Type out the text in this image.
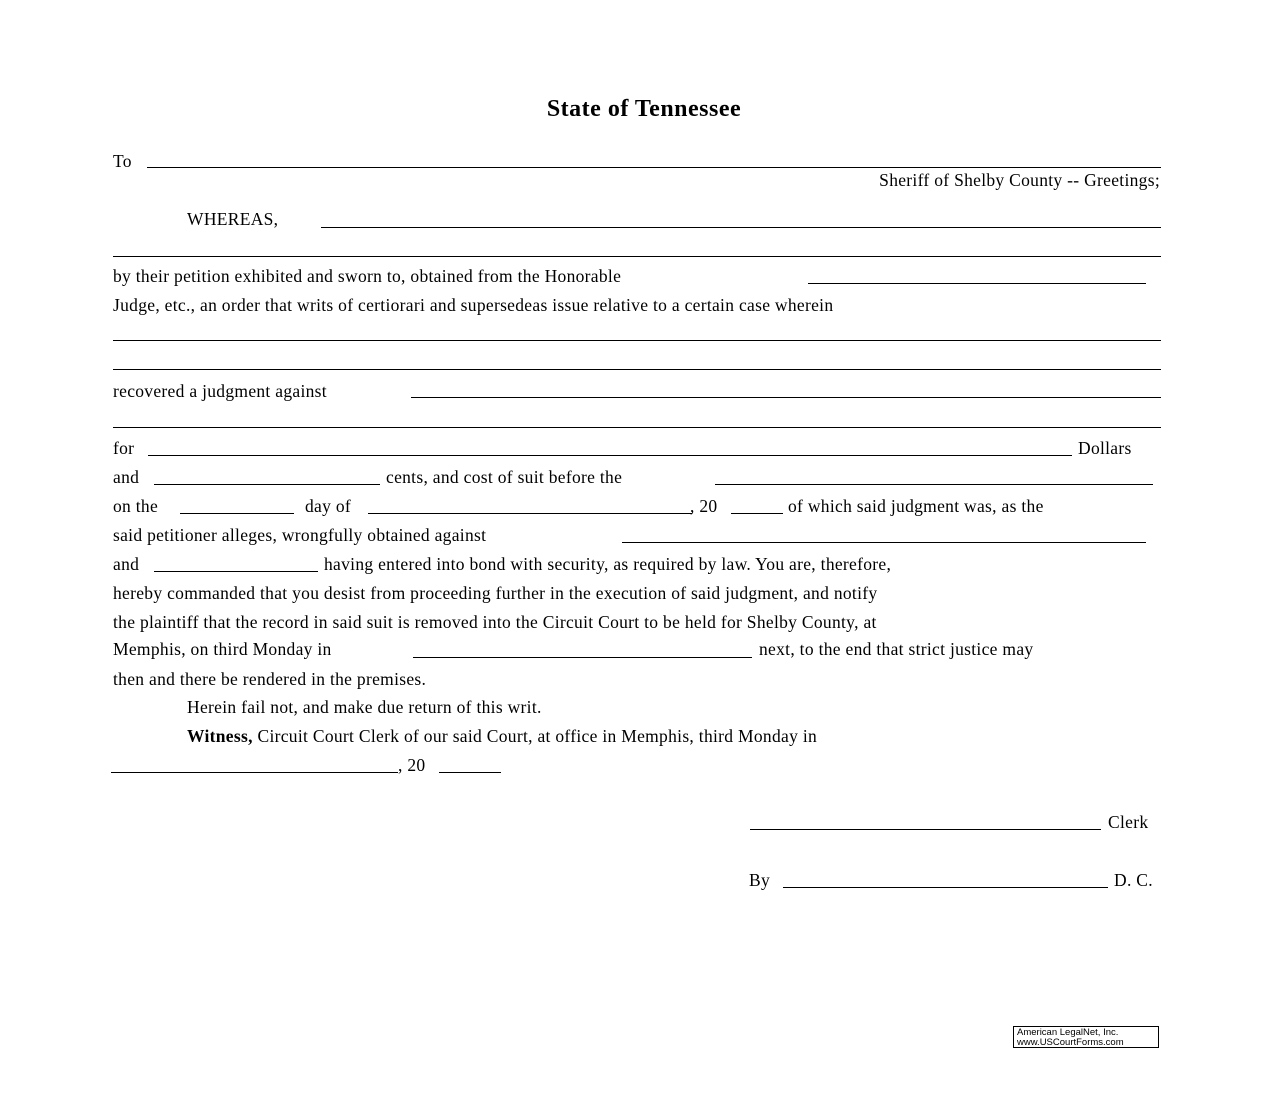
State of Tennessee
To
Sheriff of Shelby County -- Greetings;
WHEREAS,
by their petition exhibited and sworn to, obtained from the Honorable
Judge, etc., an order that writs of certiorari and supersedeas issue relative to a certain case wherein
recovered a judgment against
for	Dollars
and	cents, and cost of suit before the
on the	day of	, 20	of which said judgment was, as the
said petitioner alleges, wrongfully obtained against
and	having entered into bond with security, as required by law. You are, therefore,
hereby commanded that you desist from proceeding further in the execution of said judgment, and notify
the plaintiff that the record in said suit is removed into the Circuit Court to be held for Shelby County, at
Memphis, on third Monday in	next, to the end that strict justice may
then and there be rendered in the premises.
Herein fail not, and make due return of this writ.
Witness, Circuit Court Clerk of our said Court, at office in Memphis, third Monday in
, 20
Clerk
By	D. C.
American LegalNet, Inc.
www.USCourtForms.com
